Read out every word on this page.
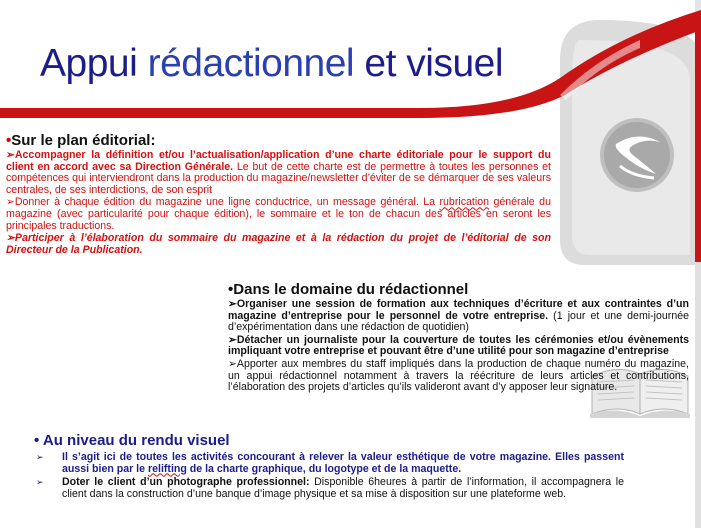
Appui rédactionnel et visuel

•Sur le plan éditorial:

➢Accompagner la définition et/ou l’actualisation/application d’une charte éditoriale pour le support du client en accord avec sa Direction Générale. Le but de cette charte est de permettre à toutes les personnes et compétences qui interviendront dans la production du magazine/newsletter d’éviter de se démarquer de ses valeurs centrales, de ses interdictions, de son esprit

➢Donner à chaque édition du magazine une ligne conductrice, un message général. La rubrication générale du magazine (avec particularité pour chaque édition), le sommaire et le ton de chacun des articles en seront les principales traductions.

➢Participer à l’élaboration du sommaire du magazine et à la rédaction du projet de l’éditorial de son Directeur de la Publication.

•Dans le domaine du rédactionnel

➢Organiser une session de formation aux techniques d’écriture et aux contraintes d’un magazine d’entreprise pour le personnel de votre entreprise. (1 jour et une demi-journée d’expérimentation dans une rédaction de quotidien)

➢Détacher un journaliste pour la couverture de toutes les cérémonies et/ou évènements impliquant votre entreprise et pouvant être d’une utilité pour son magazine d’entreprise

➢Apporter aux membres du staff impliqués dans la production de chaque numéro du magazine, un appui rédactionnel notamment à travers la réécriture de leurs articles et contributions, l’élaboration des projets d’articles qu’ils valideront avant d’y apposer leur signature.

• Au niveau du rendu visuel

➢	Il s’agit ici de toutes les activités concourant à relever la valeur esthétique de votre magazine. Elles passent aussi bien par le relifting de la charte graphique, du logotype et de la maquette.
➢	Doter le client d’un photographe professionnel: Disponible 6heures à partir de l’information, il accompagnera le client dans la construction d’une banque d’image physique et sa mise à disposition sur une plateforme web.
